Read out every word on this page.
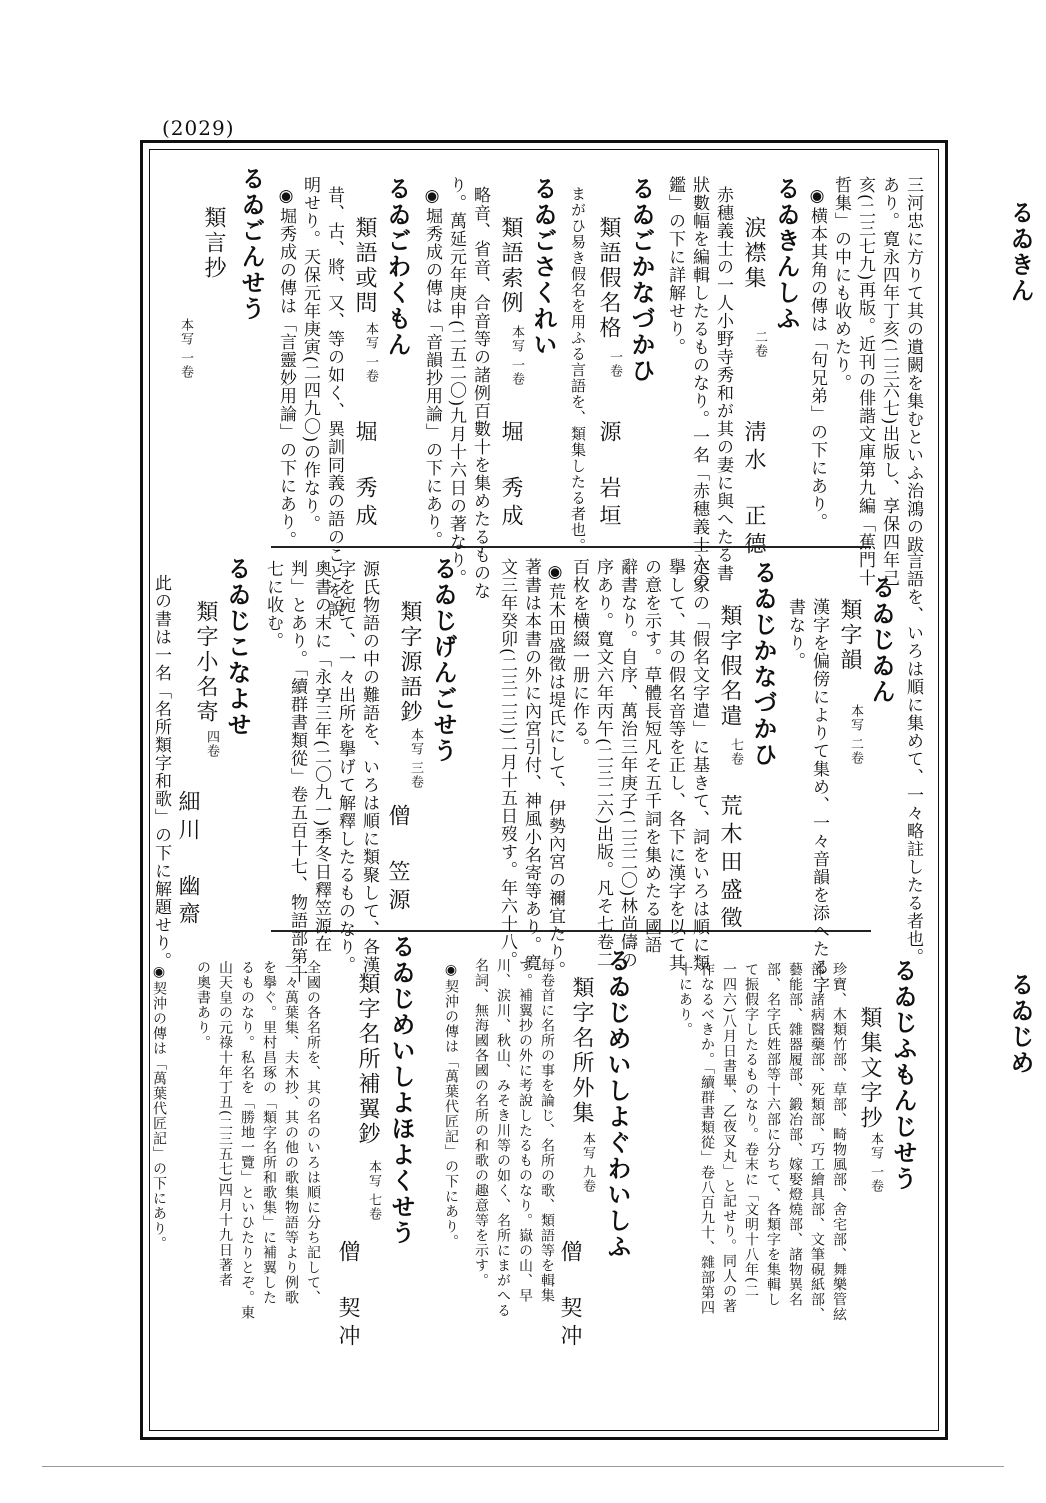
(2029)
るゐきん
るゐじめ
三河忠に方りて其の遺闕を集むといふ治鴻の跋
あり。寛永四年丁亥(二三六七)出版し、享保四年己
亥(二三七九)再版。近刊の俳諧文庫第九編「蕉門十
哲集」の中にも收めたり。
◉横本其角の傳は「句兄弟」の下にあり。
るゐきんしふ
涙襟集
二卷
淸水　正德
赤穗義士の一人小野寺秀和が其の妻に與へたる書
狀數幅を編輯したるものなり。一名「赤穗義士入の
鑑」の下に詳解せり。
るゐごかなづかひ
類語假名格
一卷
源　岩垣
まがひ易き假名を用ふる言語を、類集したる者也。
るゐごさくれい
類語索例
本写 一卷
堀　秀成
略音、省音、合音等の諸例百數十を集めたるものな
り。萬延元年庚申(二五二〇)九月十六日の著なり。
◉堀秀成の傳は「音韻抄用論」の下にあり。
るゐごわくもん
類語或問
本写 一卷
堀　秀成
昔、古、將、又、等の如く、異訓同義の語のことを說
明せり。天保元年庚寅(二四九〇)の作なり。
◉堀秀成の傳は「言靈妙用論」の下にあり。
るゐごんせう
類言抄
本写 一卷
言語を、いろは順に集めて、一々略註したる者也。
るゐじゐん
類字韻
本写 二卷
漢字を偏傍によりて集め、一々音韻を添へたる字
書なり。
るゐじかなづかひ
類字假名遣
七卷
荒木田盛徵
定家の「假名文字遣」に基きて、詞をいろは順に類
擧して、其の假名音等を正し、各下に漢字を以て其
の意を示す。草體長短凡そ五千詞を集めたる國語
辭書なり。自序、萬治三年庚子(二三二〇)林尚儔の
序あり。寬文六年丙午(二三二六)出版。凡そ七卷二
百枚を横綴一册に作る。
◉荒木田盛徵は堤氏にして、伊勢內宮の禰宜たり。
著書は本書の外に內宮引付、神風小名寄等あり。寬
文三年癸卯(二三二三)二月十五日歿す。年六十八。
るゐじげんごせう
類字源語鈔
本写 三卷
僧　笠源
源氏物語の中の難語を、いろは順に類聚して、各漢
字を宛て、一々出所を擧げて解釋したるものなり。
奧書の末に「永享三年(二〇九一)季冬日釋笠源在
判」とあり。「續群書類從」卷五百十七、物語部第十
七に收む。
るゐじこなよせ
類字小名寄
四卷
細川　幽齋
此の書は一名「名所類字和歌」の下に解題せり。
るゐじふもんじせう
類集文字抄
本写 一卷
珍寶、木類竹部、草部、畸物風部、舍宅部、舞樂管絃
部、諸病醫藥部、死類部、巧工繪具部、文筆硯紙部、
藝能部、雜器履部、鍛冶部、嫁娶燈燒部、諸物異名
部、名字氏姓部等十六部に分ちて、各類字を集輯し
て振假字したるものなり。卷末に「文明十八年(二
一四六)八月日書畢、乙夜叉丸」と記せり。同人の著
作なるべきか。「續群書類從」卷八百九十、雜部第四
十にあり。
るゐじめいしよぐわいしふ
類字名所外集
本写 九卷
僧　契冲
每卷首に名所の事を論じ、名所の歌、類語等を輯集
す。補翼抄の外に考說したるものなり。嶽の山、早
川、涙川、秋山、みそき川等の如く、名所にまがへる
名詞、無海國各國の名所の和歌の趣意等を示す。
◉契沖の傳は「萬葉代匠記」の下にあり。
るゐじめいしよほよくせう
類字名所補翼鈔
本写 七卷
僧　契冲
全國の各名所を、其の名のいろは順に分ち記して、
一々萬葉集、夫木抄、其の他の歌集物語等より例歌
を擧ぐ。里村昌琢の「類字名所和歌集」に補翼した
るものなり。私名を「勝地一覽」といひたりとぞ。東
山天皇の元祿十年丁丑(二三五七)四月十九日著者
の奧書あり。
◉契沖の傳は「萬葉代匠記」の下にあり。
